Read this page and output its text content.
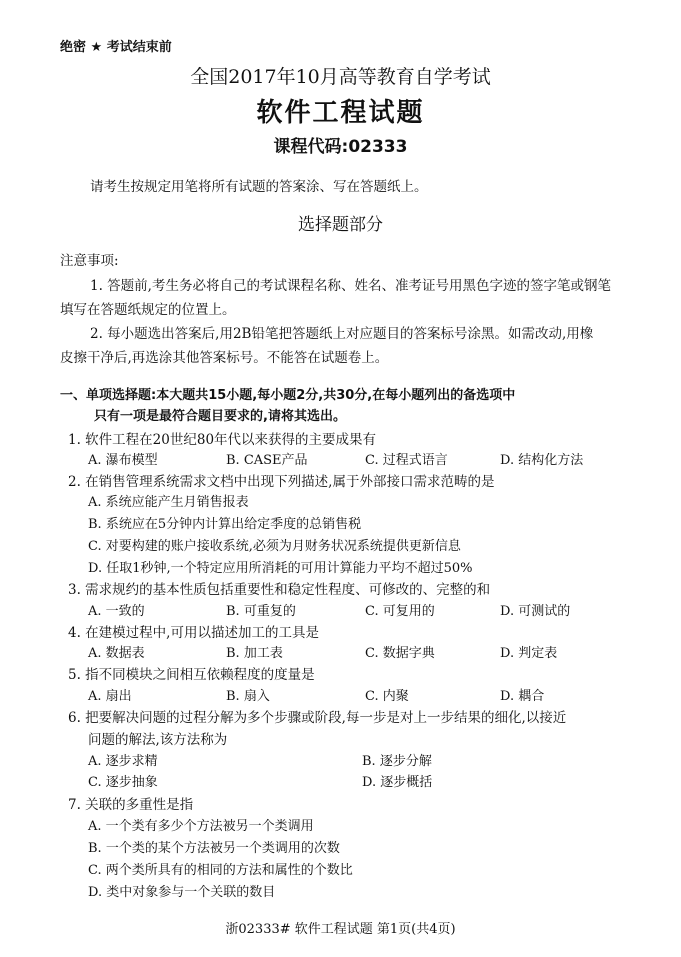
绝密 ★ 考试结束前
全国2017年10月高等教育自学考试
软件工程试题
课程代码:02333
请考生按规定用笔将所有试题的答案涂、写在答题纸上。
选择题部分
注意事项:
1. 答题前,考生务必将自己的考试课程名称、姓名、准考证号用黑色字迹的签字笔或钢笔
填写在答题纸规定的位置上。
2. 每小题选出答案后,用2B铅笔把答题纸上对应题目的答案标号涂黑。如需改动,用橡
皮擦干净后,再选涂其他答案标号。不能答在试题卷上。
一、单项选择题:本大题共15小题,每小题2分,共30分,在每小题列出的备选项中
只有一项是最符合题目要求的,请将其选出。
1. 软件工程在20世纪80年代以来获得的主要成果有
A. 瀑布模型	B. CASE产品	C. 过程式语言	D. 结构化方法
2. 在销售管理系统需求文档中出现下列描述,属于外部接口需求范畴的是
A. 系统应能产生月销售报表
B. 系统应在5分钟内计算出给定季度的总销售税
C. 对要构建的账户接收系统,必须为月财务状况系统提供更新信息
D. 任取1秒钟,一个特定应用所消耗的可用计算能力平均不超过50%
3. 需求规约的基本性质包括重要性和稳定性程度、可修改的、完整的和
A. 一致的	B. 可重复的	C. 可复用的	D. 可测试的
4. 在建模过程中,可用以描述加工的工具是
A. 数据表	B. 加工表	C. 数据字典	D. 判定表
5. 指不同模块之间相互依赖程度的度量是
A. 扇出	B. 扇入	C. 内聚	D. 耦合
6. 把要解决问题的过程分解为多个步骤或阶段,每一步是对上一步结果的细化,以接近
问题的解法,该方法称为
A. 逐步求精	B. 逐步分解
C. 逐步抽象	D. 逐步概括
7. 关联的多重性是指
A. 一个类有多少个方法被另一个类调用
B. 一个类的某个方法被另一个类调用的次数
C. 两个类所具有的相同的方法和属性的个数比
D. 类中对象参与一个关联的数目
浙02333# 软件工程试题 第1页(共4页)
